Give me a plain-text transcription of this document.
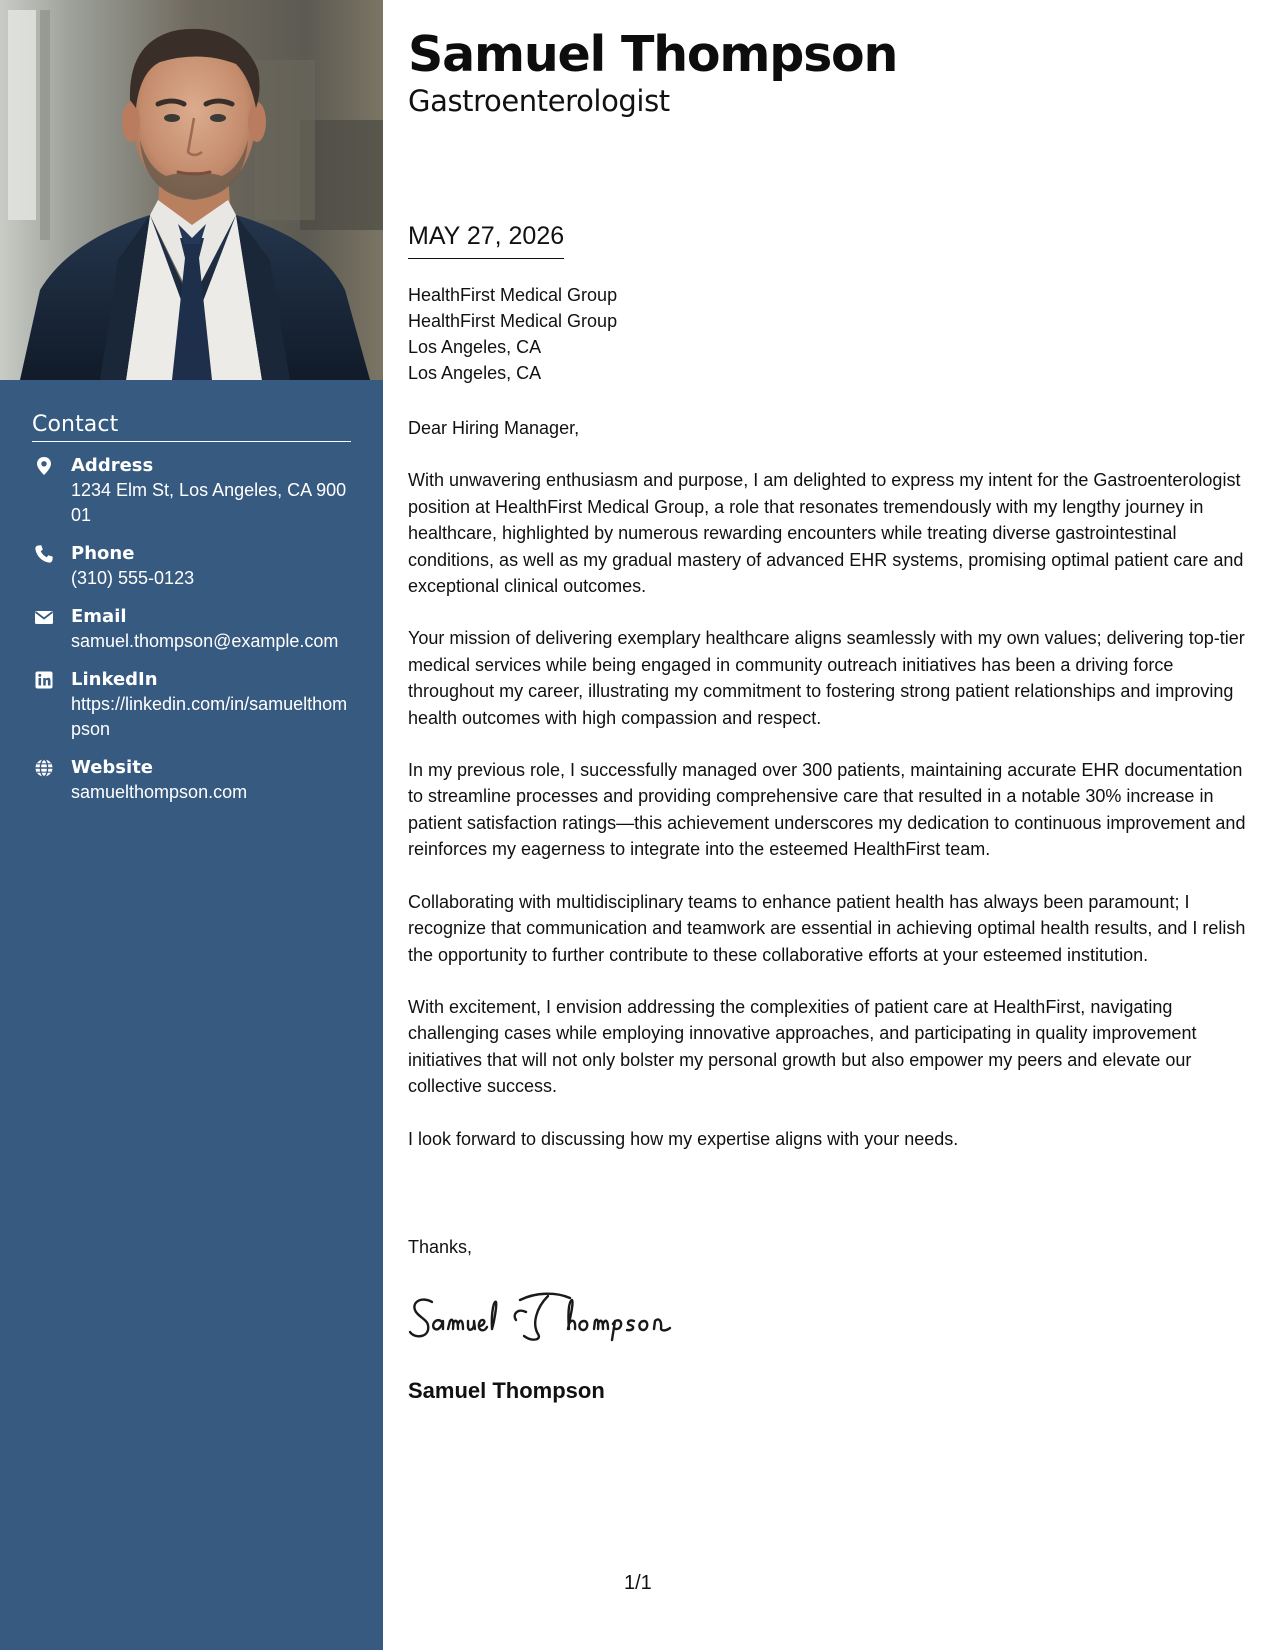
Contact
Address
1234 Elm St, Los Angeles, CA 90001
Phone
(310) 555-0123
Email
samuel.thompson@example.com
LinkedIn
https://linkedin.com/in/samuelthompson
Website
samuelthompson.com
Samuel Thompson
Gastroenterologist
MAY 27, 2026
HealthFirst Medical Group
HealthFirst Medical Group
Los Angeles, CA
Los Angeles, CA

Dear Hiring Manager,

With unwavering enthusiasm and purpose, I am delighted to express my intent for the Gastroenterologist position at HealthFirst Medical Group, a role that resonates tremendously with my lengthy journey in healthcare, highlighted by numerous rewarding encounters while treating diverse gastrointestinal conditions, as well as my gradual mastery of advanced EHR systems, promising optimal patient care and exceptional clinical outcomes.

Your mission of delivering exemplary healthcare aligns seamlessly with my own values; delivering top-tier medical services while being engaged in community outreach initiatives has been a driving force throughout my career, illustrating my commitment to fostering strong patient relationships and improving health outcomes with high compassion and respect.

In my previous role, I successfully managed over 300 patients, maintaining accurate EHR documentation to streamline processes and providing comprehensive care that resulted in a notable 30% increase in patient satisfaction ratings—this achievement underscores my dedication to continuous improvement and reinforces my eagerness to integrate into the esteemed HealthFirst team.

Collaborating with multidisciplinary teams to enhance patient health has always been paramount; I recognize that communication and teamwork are essential in achieving optimal health results, and I relish the opportunity to further contribute to these collaborative efforts at your esteemed institution.

With excitement, I envision addressing the complexities of patient care at HealthFirst, navigating challenging cases while employing innovative approaches, and participating in quality improvement initiatives that will not only bolster my personal growth but also empower my peers and elevate our collective success.

I look forward to discussing how my expertise aligns with your needs.

Thanks,
Samuel Thompson
1/1
